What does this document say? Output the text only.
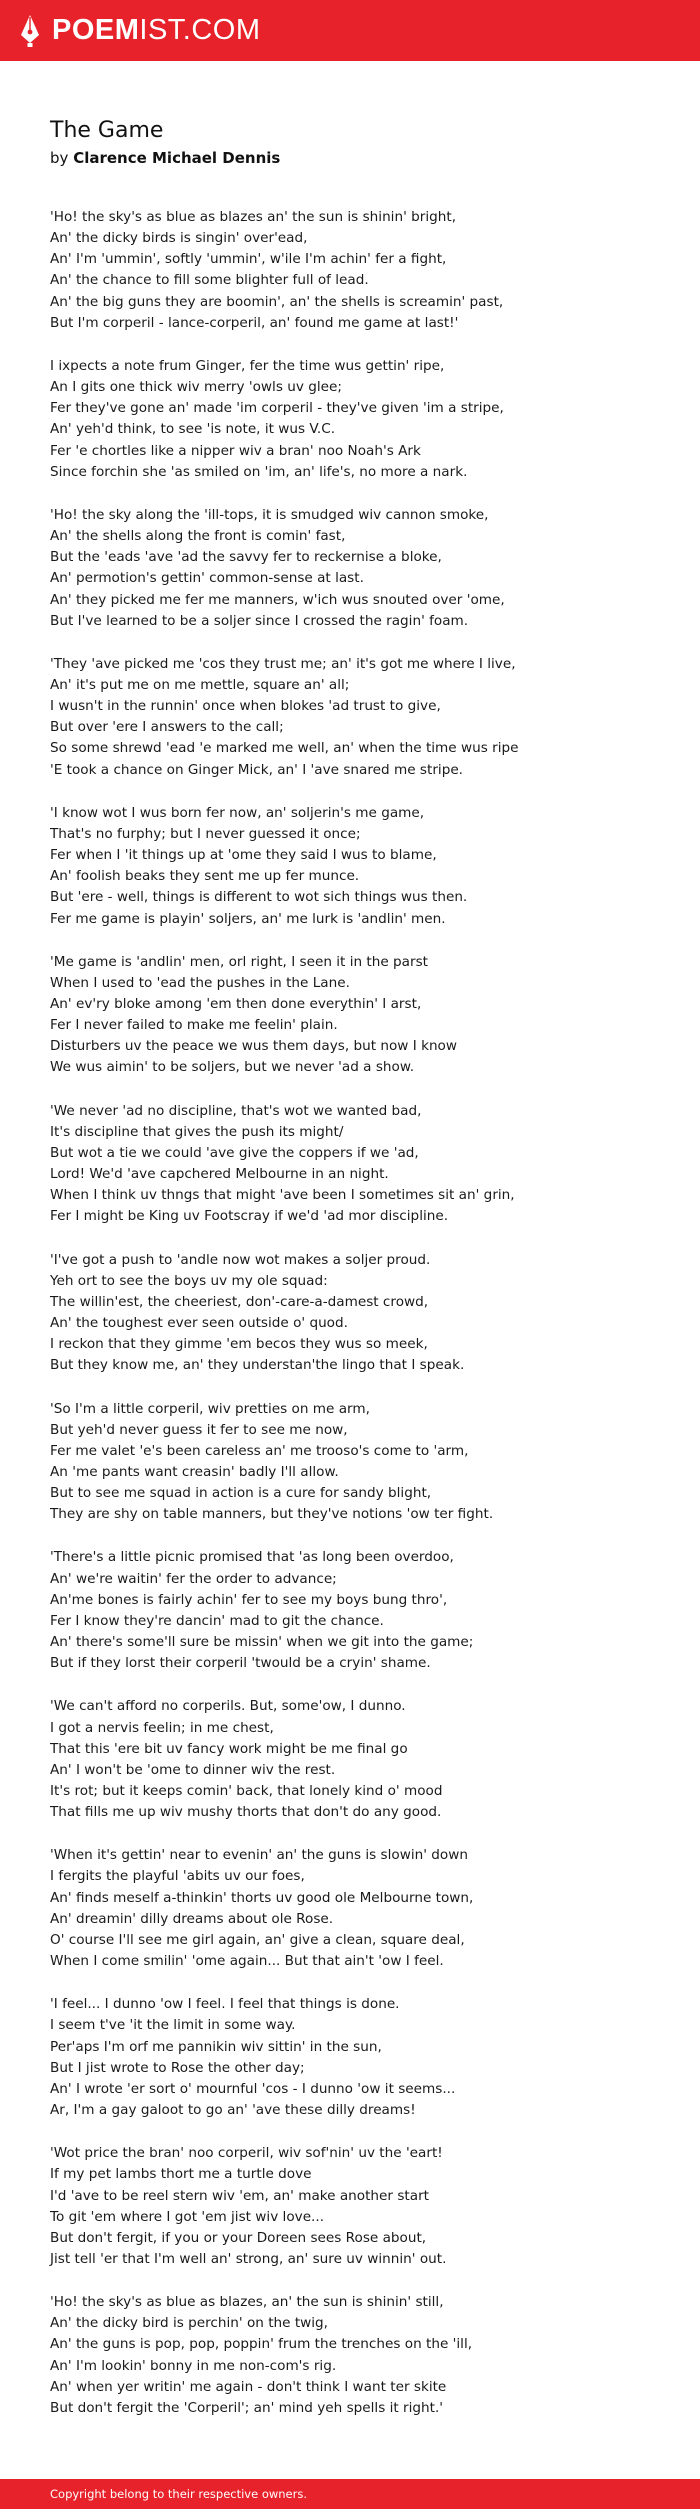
POEMIST.COM
The Game
by Clarence Michael Dennis
'Ho! the sky's as blue as blazes an' the sun is shinin' bright,
An' the dicky birds is singin' over'ead,
An' I'm 'ummin', softly 'ummin', w'ile I'm achin' fer a fight,
An' the chance to fill some blighter full of lead.
An' the big guns they are boomin', an' the shells is screamin' past,
But I'm corperil - lance-corperil, an' found me game at last!'
I ixpects a note frum Ginger, fer the time wus gettin' ripe,
An I gits one thick wiv merry 'owls uv glee;
Fer they've gone an' made 'im corperil - they've given 'im a stripe,
An' yeh'd think, to see 'is note, it wus V.C.
Fer 'e chortles like a nipper wiv a bran' noo Noah's Ark
Since forchin she 'as smiled on 'im, an' life's, no more a nark.
'Ho! the sky along the 'ill-tops, it is smudged wiv cannon smoke,
An' the shells along the front is comin' fast,
But the 'eads 'ave 'ad the savvy fer to reckernise a bloke,
An' permotion's gettin' common-sense at last.
An' they picked me fer me manners, w'ich wus snouted over 'ome,
But I've learned to be a soljer since I crossed the ragin' foam.
'They 'ave picked me 'cos they trust me; an' it's got me where I live,
An' it's put me on me mettle, square an' all;
I wusn't in the runnin' once when blokes 'ad trust to give,
But over 'ere I answers to the call;
So some shrewd 'ead 'e marked me well, an' when the time wus ripe
'E took a chance on Ginger Mick, an' I 'ave snared me stripe.
'I know wot I wus born fer now, an' soljerin's me game,
That's no furphy; but I never guessed it once;
Fer when I 'it things up at 'ome they said I wus to blame,
An' foolish beaks they sent me up fer munce.
But 'ere - well, things is different to wot sich things wus then.
Fer me game is playin' soljers, an' me lurk is 'andlin' men.
'Me game is 'andlin' men, orl right, I seen it in the parst
When I used to 'ead the pushes in the Lane.
An' ev'ry bloke among 'em then done everythin' I arst,
Fer I never failed to make me feelin' plain.
Disturbers uv the peace we wus them days, but now I know
We wus aimin' to be soljers, but we never 'ad a show.
'We never 'ad no discipline, that's wot we wanted bad,
It's discipline that gives the push its might/
But wot a tie we could 'ave give the coppers if we 'ad,
Lord! We'd 'ave capchered Melbourne in an night.
When I think uv thngs that might 'ave been I sometimes sit an' grin,
Fer I might be King uv Footscray if we'd 'ad mor discipline.
'I've got a push to 'andle now wot makes a soljer proud.
Yeh ort to see the boys uv my ole squad:
The willin'est, the cheeriest, don'-care-a-damest crowd,
An' the toughest ever seen outside o' quod.
I reckon that they gimme 'em becos they wus so meek,
But they know me, an' they understan'the lingo that I speak.
'So I'm a little corperil, wiv pretties on me arm,
But yeh'd never guess it fer to see me now,
Fer me valet 'e's been careless an' me trooso's come to 'arm,
An 'me pants want creasin' badly I'll allow.
But to see me squad in action is a cure for sandy blight,
They are shy on table manners, but they've notions 'ow ter fight.
'There's a little picnic promised that 'as long been overdoo,
An' we're waitin' fer the order to advance;
An'me bones is fairly achin' fer to see my boys bung thro',
Fer I know they're dancin' mad to git the chance.
An' there's some'll sure be missin' when we git into the game;
But if they lorst their corperil 'twould be a cryin' shame.
'We can't afford no corperils. But, some'ow, I dunno.
I got a nervis feelin; in me chest,
That this 'ere bit uv fancy work might be me final go
An' I won't be 'ome to dinner wiv the rest.
It's rot; but it keeps comin' back, that lonely kind o' mood
That fills me up wiv mushy thorts that don't do any good.
'When it's gettin' near to evenin' an' the guns is slowin' down
I fergits the playful 'abits uv our foes,
An' finds meself a-thinkin' thorts uv good ole Melbourne town,
An' dreamin' dilly dreams about ole Rose.
O' course I'll see me girl again, an' give a clean, square deal,
When I come smilin' 'ome again... But that ain't 'ow I feel.
'I feel... I dunno 'ow I feel. I feel that things is done.
I seem t've 'it the limit in some way.
Per'aps I'm orf me pannikin wiv sittin' in the sun,
But I jist wrote to Rose the other day;
An' I wrote 'er sort o' mournful 'cos - I dunno 'ow it seems...
Ar, I'm a gay galoot to go an' 'ave these dilly dreams!
'Wot price the bran' noo corperil, wiv sof'nin' uv the 'eart!
If my pet lambs thort me a turtle dove
I'd 'ave to be reel stern wiv 'em, an' make another start
To git 'em where I got 'em jist wiv love...
But don't fergit, if you or your Doreen sees Rose about,
Jist tell 'er that I'm well an' strong, an' sure uv winnin' out.
'Ho! the sky's as blue as blazes, an' the sun is shinin' still,
An' the dicky bird is perchin' on the twig,
An' the guns is pop, pop, poppin' frum the trenches on the 'ill,
An' I'm lookin' bonny in me non-com's rig.
An' when yer writin' me again - don't think I want ter skite
But don't fergit the 'Corperil'; an' mind yeh spells it right.'
Copyright belong to their respective owners.
